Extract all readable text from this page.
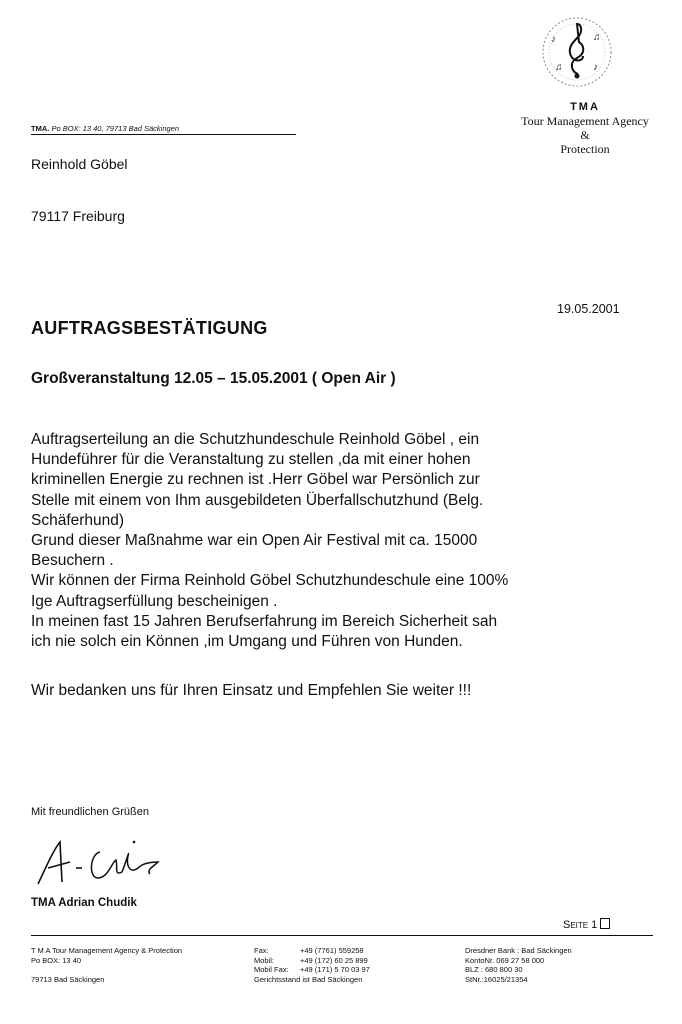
♪	♫
♫	♪
TMA
Tour Management Agency
&
Protection
TMA. Po BOX: 13 40, 79713 Bad Säckingen
Reinhold Göbel
79117 Freiburg
19.05.2001
AUFTRAGSBESTÄTIGUNG
Großveranstaltung 12.05 – 15.05.2001 ( Open Air )

Auftragserteilung an die Schutzhundeschule Reinhold Göbel , ein

Hundeführer für die Veranstaltung zu stellen ,da mit einer hohen

kriminellen Energie zu rechnen ist .Herr Göbel war Persönlich zur

Stelle mit einem von Ihm ausgebildeten Überfallschutzhund (Belg.

Schäferhund)

Grund dieser Maßnahme war ein Open Air Festival mit ca. 15000

Besuchern .

Wir können der Firma Reinhold Göbel Schutzhundeschule eine 100%

Ige Auftragserfüllung bescheinigen .

In meinen fast 15 Jahren Berufserfahrung im Bereich Sicherheit sah

ich nie solch ein Können ,im Umgang und Führen von Hunden.

Wir bedanken uns für Ihren Einsatz und Empfehlen Sie weiter !!!
Mit freundlichen Grüßen
TMA Adrian Chudik
Seite 1
T M A Tour Management Agency & Protection
Po BOX: 13 40

79713 Bad Säckingen
Fax:	+49 (7761) 559258
Mobil:	+49 (172) 60 25 899
Mobil Fax: +49 (171) 5 70 03 97
Gerichtsstand ist Bad Säckingen
Dresdner Bank : Bad Säckingen
KontoNr. 069 27 58 000
BLZ : 680 800 30
StNr.:16025/21354
